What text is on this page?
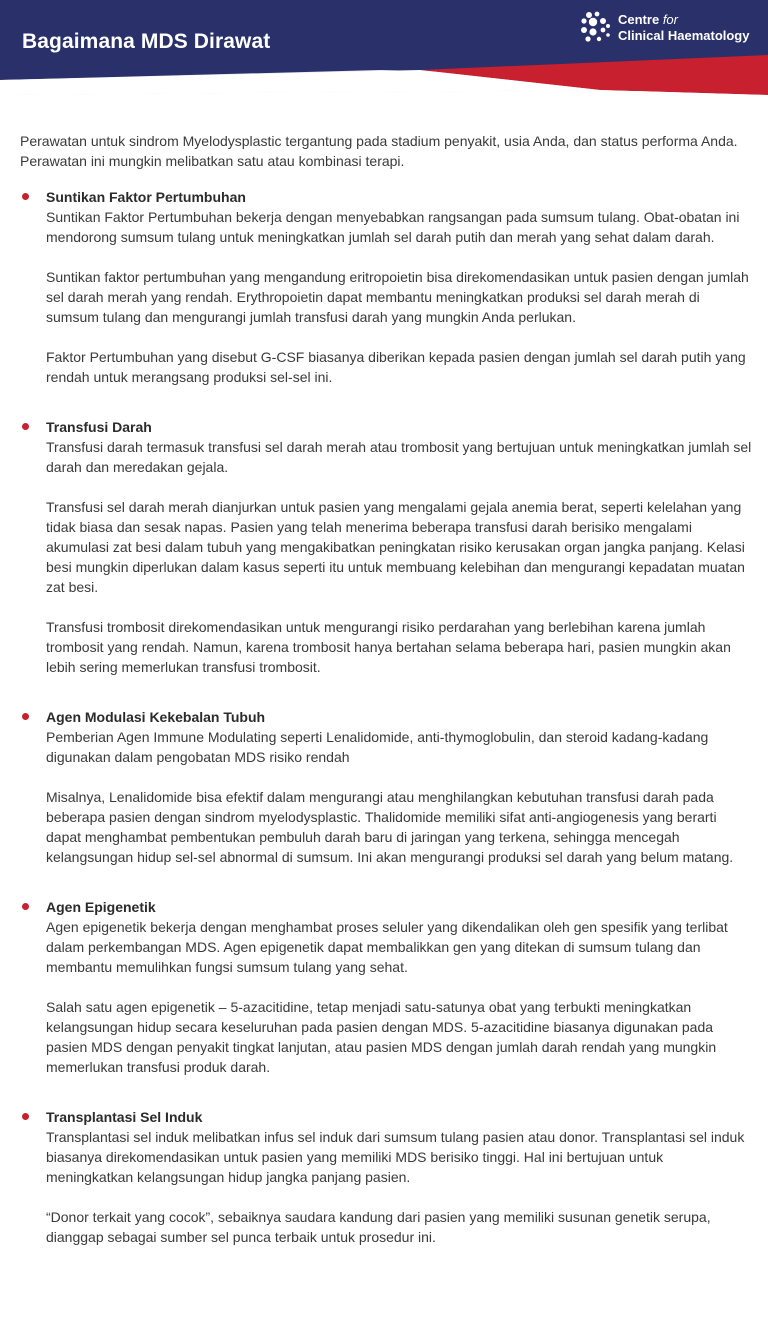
Bagaimana MDS Dirawat
Centre for
Clinical Haematology

Perawatan untuk sindrom Myelodysplastic tergantung pada stadium penyakit, usia Anda, dan status performa Anda. Perawatan ini mungkin melibatkan satu atau kombinasi terapi.

Suntikan Faktor Pertumbuhan

Suntikan Faktor Pertumbuhan bekerja dengan menyebabkan rangsangan pada sumsum tulang. Obat-obatan ini mendorong sumsum tulang untuk meningkatkan jumlah sel darah putih dan merah yang sehat dalam darah.

Suntikan faktor pertumbuhan yang mengandung eritropoietin bisa direkomendasikan untuk pasien dengan jumlah sel darah merah yang rendah. Erythropoietin dapat membantu meningkatkan produksi sel darah merah di sumsum tulang dan mengurangi jumlah transfusi darah yang mungkin Anda perlukan.

Faktor Pertumbuhan yang disebut G-CSF biasanya diberikan kepada pasien dengan jumlah sel darah putih yang rendah untuk merangsang produksi sel-sel ini.

Transfusi Darah

Transfusi darah termasuk transfusi sel darah merah atau trombosit yang bertujuan untuk meningkatkan jumlah sel darah dan meredakan gejala.

Transfusi sel darah merah dianjurkan untuk pasien yang mengalami gejala anemia berat, seperti kelelahan yang tidak biasa dan sesak napas. Pasien yang telah menerima beberapa transfusi darah berisiko mengalami akumulasi zat besi dalam tubuh yang mengakibatkan peningkatan risiko kerusakan organ jangka panjang. Kelasi besi mungkin diperlukan dalam kasus seperti itu untuk membuang kelebihan dan mengurangi kepadatan muatan zat besi.

Transfusi trombosit direkomendasikan untuk mengurangi risiko perdarahan yang berlebihan karena jumlah trombosit yang rendah. Namun, karena trombosit hanya bertahan selama beberapa hari, pasien mungkin akan lebih sering memerlukan transfusi trombosit.

Agen Modulasi Kekebalan Tubuh

Pemberian Agen Immune Modulating seperti Lenalidomide, anti-thymoglobulin, dan steroid kadang-kadang digunakan dalam pengobatan MDS risiko rendah

Misalnya, Lenalidomide bisa efektif dalam mengurangi atau menghilangkan kebutuhan transfusi darah pada beberapa pasien dengan sindrom myelodysplastic. Thalidomide memiliki sifat anti-angiogenesis yang berarti dapat menghambat pembentukan pembuluh darah baru di jaringan yang terkena, sehingga mencegah kelangsungan hidup sel-sel abnormal di sumsum. Ini akan mengurangi produksi sel darah yang belum matang.

Agen Epigenetik

Agen epigenetik bekerja dengan menghambat proses seluler yang dikendalikan oleh gen spesifik yang terlibat dalam perkembangan MDS. Agen epigenetik dapat membalikkan gen yang ditekan di sumsum tulang dan membantu memulihkan fungsi sumsum tulang yang sehat.

Salah satu agen epigenetik – 5-azacitidine, tetap menjadi satu-satunya obat yang terbukti meningkatkan kelangsungan hidup secara keseluruhan pada pasien dengan MDS. 5-azacitidine biasanya digunakan pada pasien MDS dengan penyakit tingkat lanjutan, atau pasien MDS dengan jumlah darah rendah yang mungkin memerlukan transfusi produk darah.

Transplantasi Sel Induk

Transplantasi sel induk melibatkan infus sel induk dari sumsum tulang pasien atau donor. Transplantasi sel induk biasanya direkomendasikan untuk pasien yang memiliki MDS berisiko tinggi. Hal ini bertujuan untuk meningkatkan kelangsungan hidup jangka panjang pasien.

“Donor terkait yang cocok”, sebaiknya saudara kandung dari pasien yang memiliki susunan genetik serupa, dianggap sebagai sumber sel punca terbaik untuk prosedur ini.
